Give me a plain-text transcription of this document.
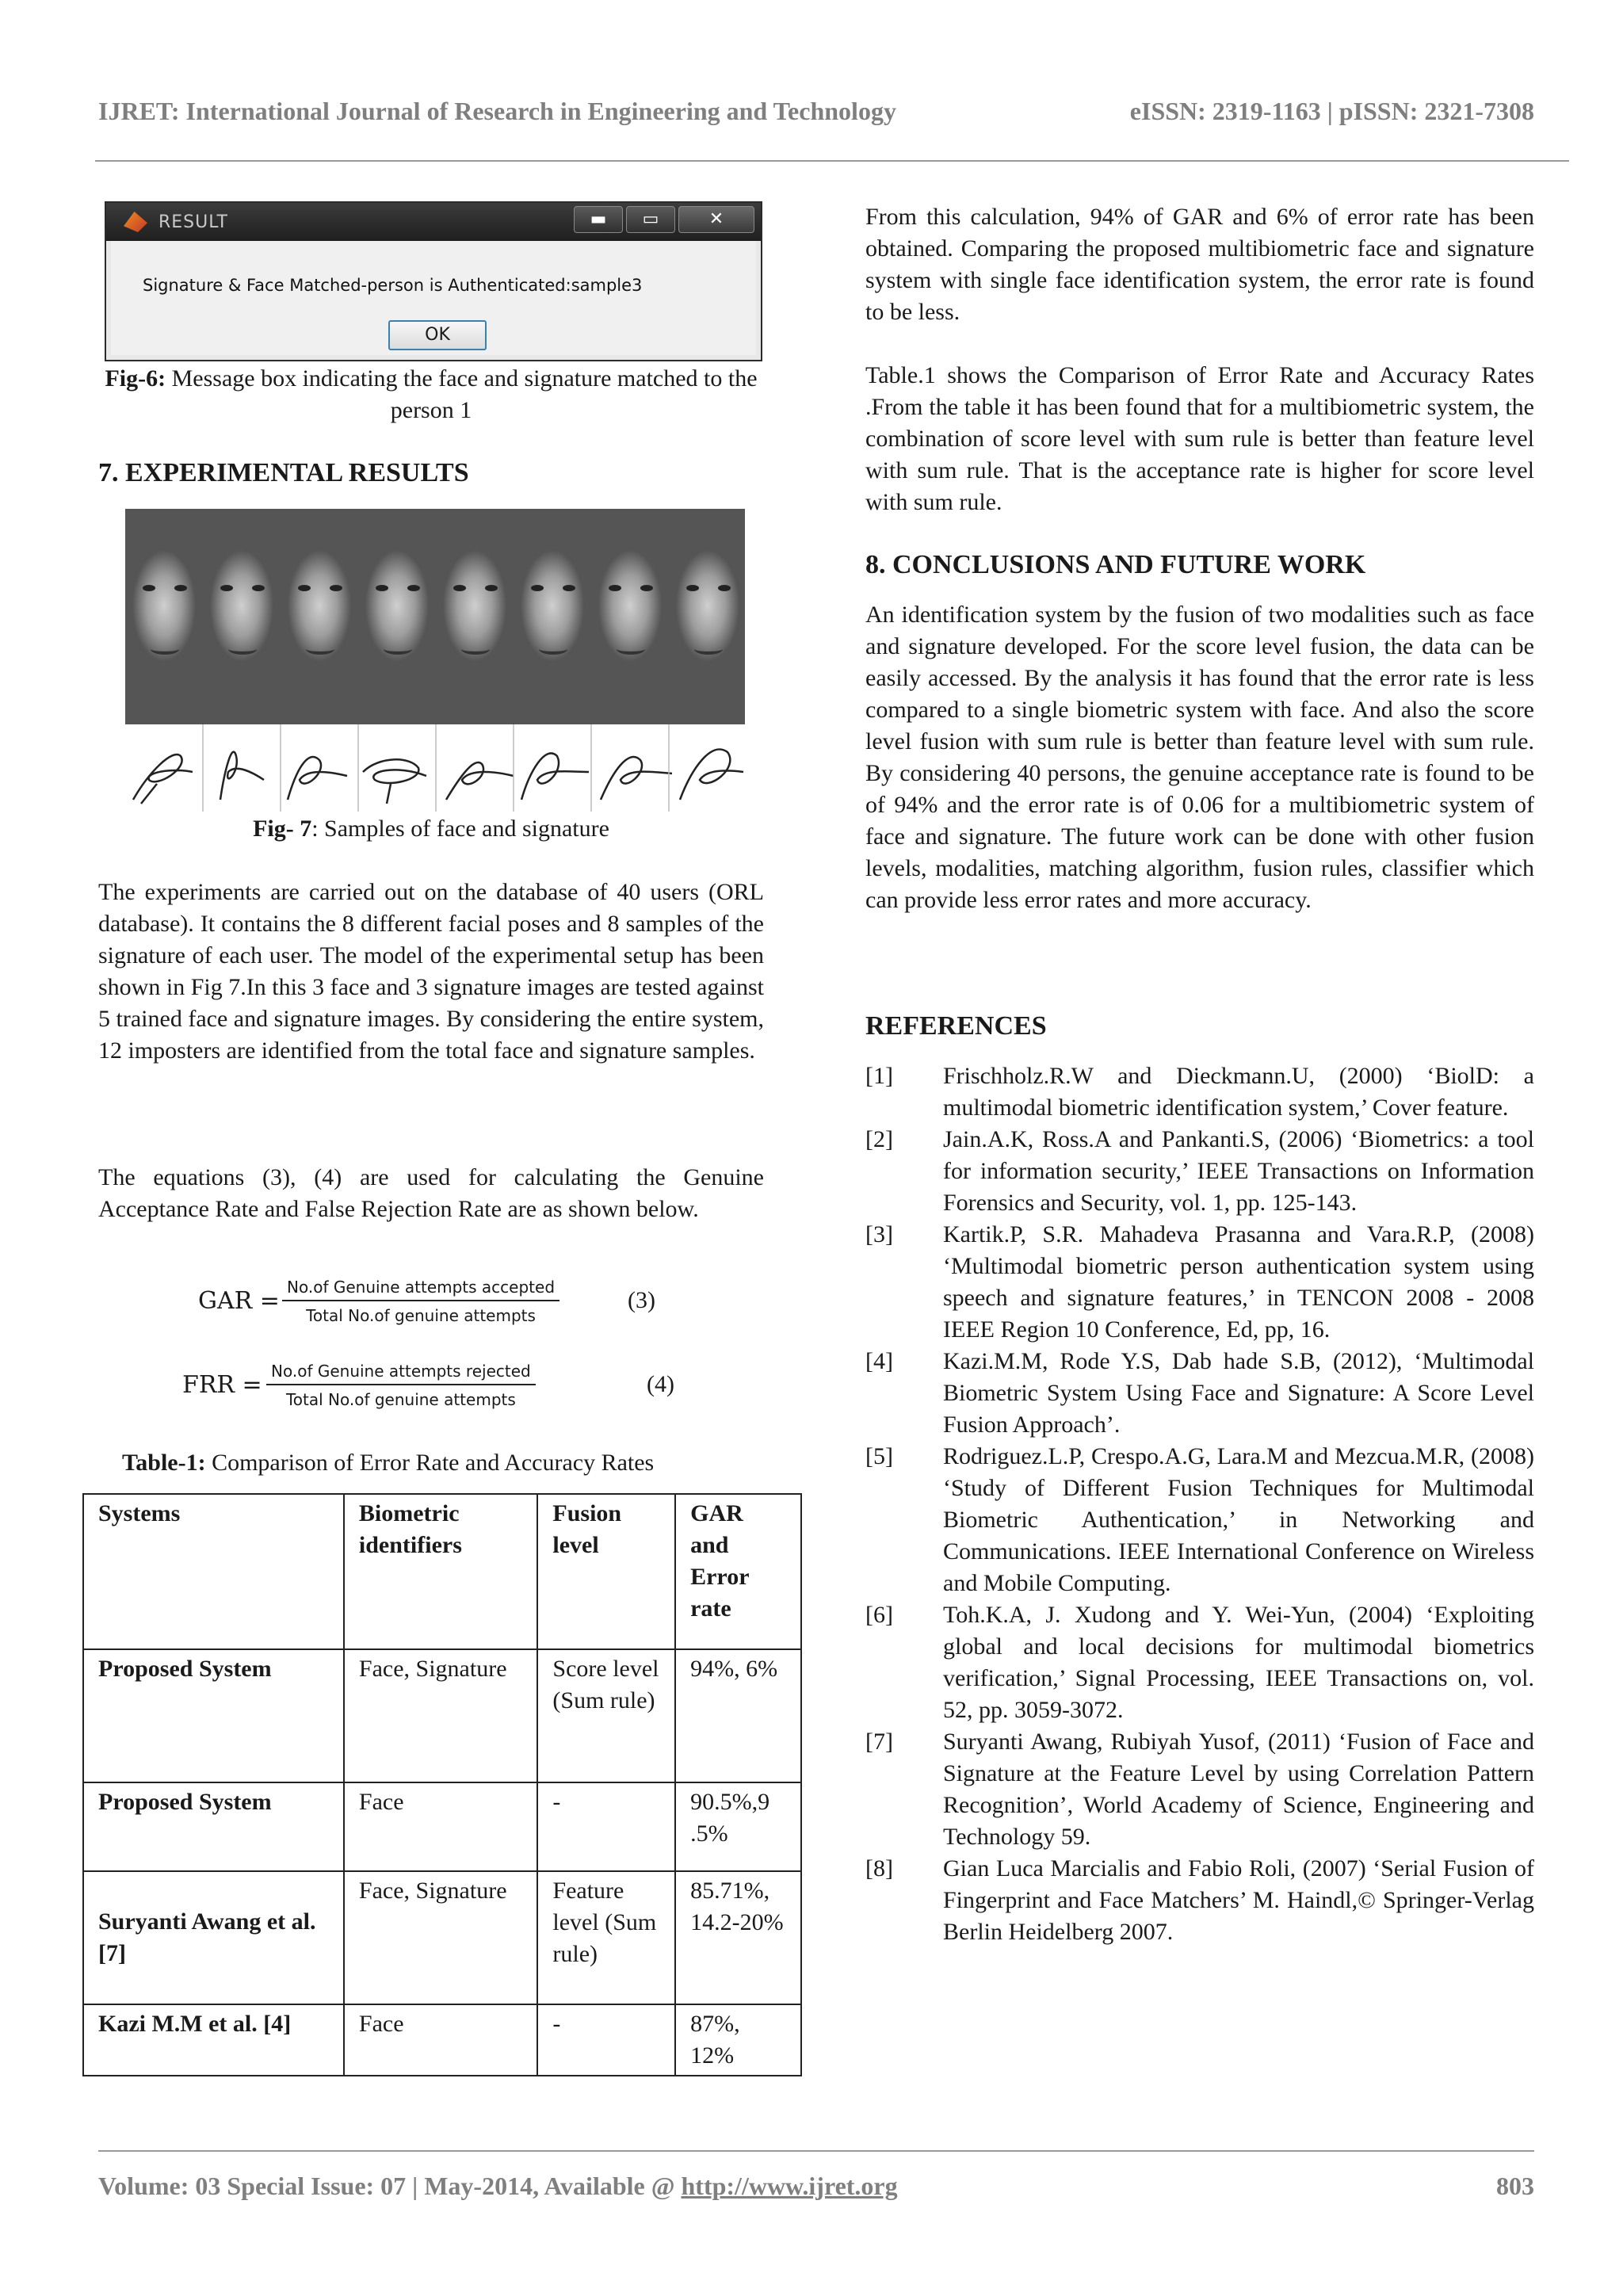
IJRET: International Journal of Research in Engineering and Technology	eISSN: 2319-1163 | pISSN: 2321-7308
RESULT	▬	▭	✕
Signature & Face Matched-person is Authenticated:sample3
OK
Fig-6: Message box indicating the face and signature matched to the person 1
7. EXPERIMENTAL RESULTS
Fig- 7: Samples of face and signature

The experiments are carried out on the database of 40 users (ORL database). It contains the 8 different facial poses and 8 samples of the signature of each user. The model of the experimental setup has been shown in Fig 7.In this 3 face and 3 signature images are tested against 5 trained face and signature images. By considering the entire system, 12 imposters are identified from the total face and signature samples.

The equations (3), (4) are used for calculating the Genuine Acceptance Rate and False Rejection Rate are as shown below.

GAR = No.of Genuine attempts accepted
Total No.of genuine attempts
(3)
FRR = No.of Genuine attempts rejected
Total No.of genuine attempts
(4)
Table-1: Comparison of Error Rate and Accuracy Rates
Systems	Biometric identifiers	Fusion level	GAR and Error rate
Proposed System	Face, Signature	Score level (Sum rule)	94%, 6%
Proposed System	Face	-	90.5%,9 .5%
Suryanti Awang et al. [7]	Face, Signature	Feature level (Sum rule)	85.71%, 14.2-20%
Kazi M.M et al. [4]	Face	-	87%, 12%

From this calculation, 94% of GAR and 6% of error rate has been obtained. Comparing the proposed multibiometric face and signature system with single face identification system, the error rate is found to be less.

Table.1 shows the Comparison of Error Rate and Accuracy Rates .From the table it has been found that for a multibiometric system, the combination of score level with sum rule is better than feature level with sum rule. That is the acceptance rate is higher for score level with sum rule.

8. CONCLUSIONS AND FUTURE WORK

An identification system by the fusion of two modalities such as face and signature developed. For the score level fusion, the data can be easily accessed. By the analysis it has found that the error rate is less compared to a single biometric system with face. And also the score level fusion with sum rule is better than feature level with sum rule. By considering 40 persons, the genuine acceptance rate is found to be of 94% and the error rate is of 0.06 for a multibiometric system of face and signature. The future work can be done with other fusion levels, modalities, matching algorithm, fusion rules, classifier which can provide less error rates and more accuracy.

REFERENCES
[1]	Frischholz.R.W and Dieckmann.U, (2000) ‘BiolD: a multimodal biometric identification system,’ Cover feature.
[2]	Jain.A.K, Ross.A and Pankanti.S, (2006) ‘Biometrics: a tool for information security,’ IEEE Transactions on Information Forensics and Security, vol. 1, pp. 125-143.
[3]	Kartik.P, S.R. Mahadeva Prasanna and Vara.R.P, (2008) ‘Multimodal biometric person authentication system using speech and signature features,’ in TENCON 2008 - 2008 IEEE Region 10 Conference, Ed, pp, 16.
[4]	Kazi.M.M, Rode Y.S, Dab hade S.B, (2012), ‘Multimodal Biometric System Using Face and Signature: A Score Level Fusion Approach’.
[5]	Rodriguez.L.P, Crespo.A.G, Lara.M and Mezcua.M.R, (2008) ‘Study of Different Fusion Techniques for Multimodal Biometric Authentication,’ in Networking and Communications. IEEE International Conference on Wireless and Mobile Computing.
[6]	Toh.K.A, J. Xudong and Y. Wei-Yun, (2004) ‘Exploiting global and local decisions for multimodal biometrics verification,’ Signal Processing, IEEE Transactions on, vol. 52, pp. 3059-3072.
[7]	Suryanti Awang, Rubiyah Yusof, (2011) ‘Fusion of Face and Signature at the Feature Level by using Correlation Pattern Recognition’, World Academy of Science, Engineering and Technology 59.
[8]	Gian Luca Marcialis and Fabio Roli, (2007) ‘Serial Fusion of Fingerprint and Face Matchers’ M. Haindl,© Springer-Verlag Berlin Heidelberg 2007.
Volume: 03 Special Issue: 07 | May-2014, Available @ http://www.ijret.org	803
